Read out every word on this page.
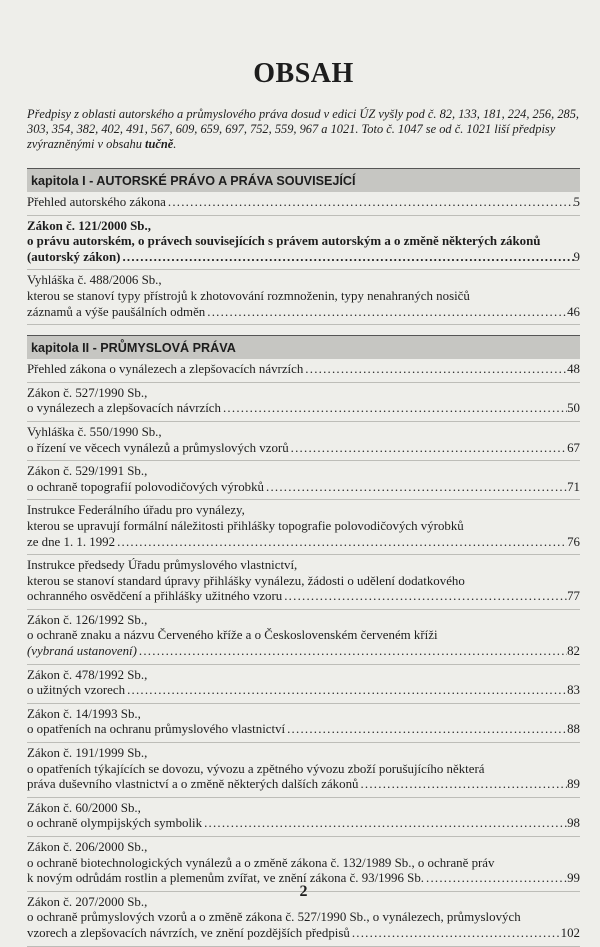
OBSAH
Předpisy z oblasti autorského a průmyslového práva dosud v edici ÚZ vyšly pod č. 82, 133, 181, 224, 256, 285, 303, 354, 382, 402, 491, 567, 609, 659, 697, 752, 559, 967 a 1021. Toto č. 1047 se od č. 1021 liší předpisy zvýrazněnými v obsahu tučně.
kapitola I - AUTORSKÉ PRÁVO A PRÁVA SOUVISEJÍCÍ
Přehled autorského zákona . . .	5
Zákon č. 121/2000 Sb.,
o právu autorském, o právech souvisejících s právem autorským a o změně některých zákonů
(autorský zákon) . . .	9
Vyhláška č. 488/2006 Sb.,
kterou se stanoví typy přístrojů k zhotovování rozmnoženin, typy nenahraných nosičů
záznamů a výše paušálních odměn . . .	46
kapitola II - PRŮMYSLOVÁ PRÁVA
Přehled zákona o vynálezech a zlepšovacích návrzích . . .	48
Zákon č. 527/1990 Sb.,
o vynálezech a zlepšovacích návrzích . . .	50
Vyhláška č. 550/1990 Sb.,
o řízení ve věcech vynálezů a průmyslových vzorů . . .	67
Zákon č. 529/1991 Sb.,
o ochraně topografií polovodičových výrobků . . .	71
Instrukce Federálního úřadu pro vynálezy,
kterou se upravují formální náležitosti přihlášky topografie polovodičových výrobků
ze dne 1. 1. 1992 . . .	76
Instrukce předsedy Úřadu průmyslového vlastnictví,
kterou se stanoví standard úpravy přihlášky vynálezu, žádosti o udělení dodatkového
ochranného osvědčení a přihlášky užitného vzoru . . .	77
Zákon č. 126/1992 Sb.,
o ochraně znaku a názvu Červeného kříže a o Československém červeném kříži
(vybraná ustanovení) . . .	82
Zákon č. 478/1992 Sb.,
o užitných vzorech . . .	83
Zákon č. 14/1993 Sb.,
o opatřeních na ochranu průmyslového vlastnictví . . .	88
Zákon č. 191/1999 Sb.,
o opatřeních týkajících se dovozu, vývozu a zpětného vývozu zboží porušujícího některá
práva duševního vlastnictví a o změně některých dalších zákonů . . .	89
Zákon č. 60/2000 Sb.,
o ochraně olympijských symbolik . . .	98
Zákon č. 206/2000 Sb.,
o ochraně biotechnologických vynálezů a o změně zákona č. 132/1989 Sb., o ochraně práv
k novým odrůdám rostlin a plemenům zvířat, ve znění zákona č. 93/1996 Sb. . . .	99
Zákon č. 207/2000 Sb.,
o ochraně průmyslových vzorů a o změně zákona č. 527/1990 Sb., o vynálezech, průmyslových
vzorech a zlepšovacích návrzích, ve znění pozdějších předpisů . . .	102
2
